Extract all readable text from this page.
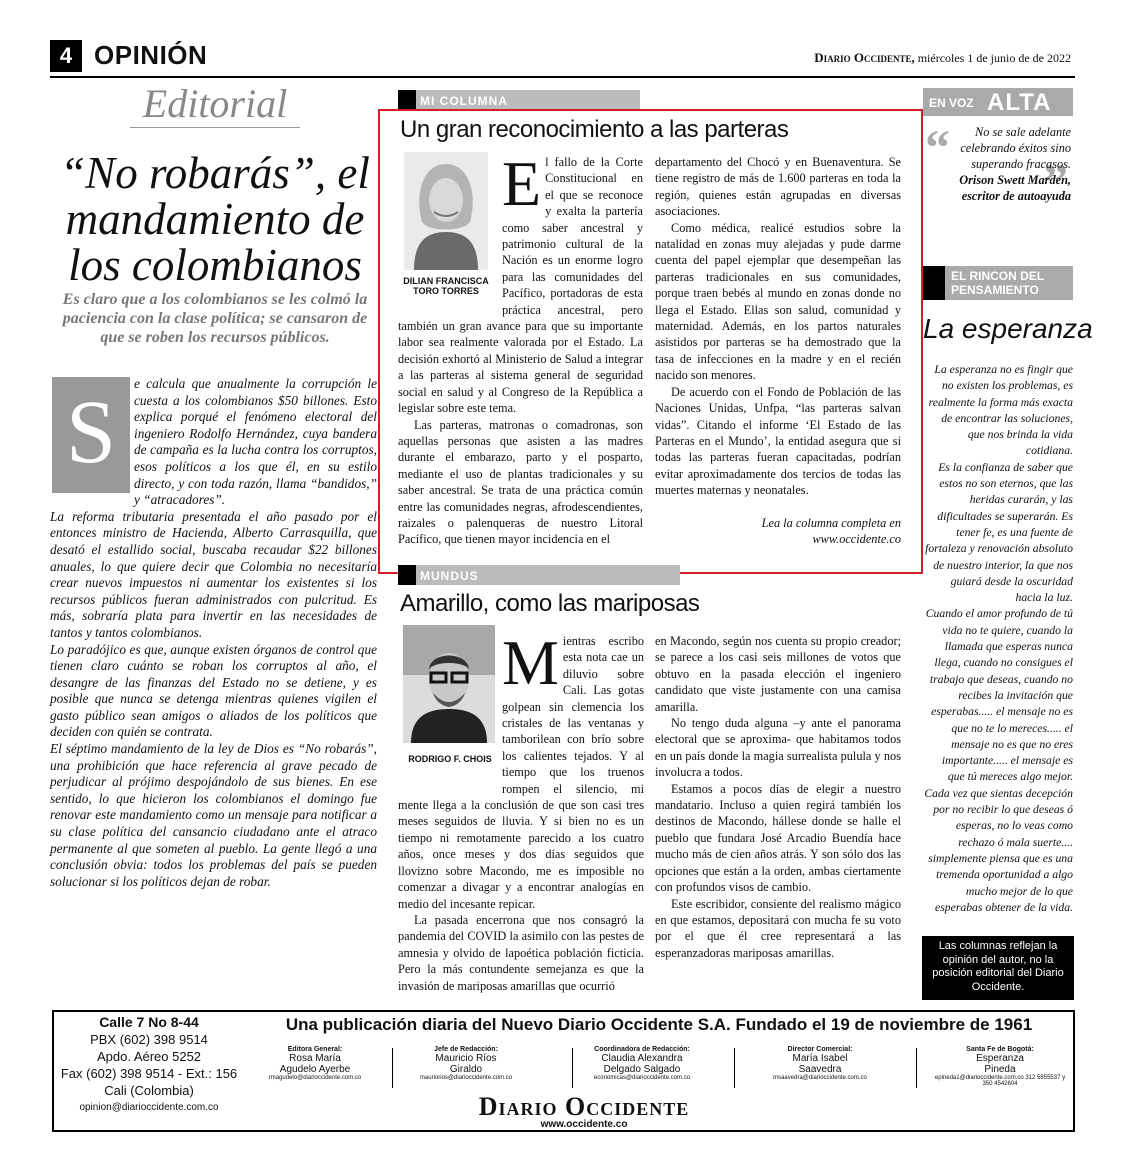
4 OPINIÓN	Diario Occidente, miércoles 1 de junio de de 2022
Editorial
“No robarás”, el mandamiento de los colombianos
Es claro que a los colombianos se les colmó la paciencia con la clase política; se cansaron de que se roben los recursos públicos.
S	e calcula que anualmente la corrupción le cuesta a los colombianos $50 billones. Esto explica porqué el fenómeno electoral del ingeniero Rodolfo Hernández, cuya bandera de campaña es la lucha contra los corruptos, esos políticos a los que él, en su estilo directo, y con toda razón, llama “bandidos,” y “atracadores”.

La reforma tributaria presentada el año pasado por el entonces ministro de Hacienda, Alberto Carrasquilla, que desató el estallido social, buscaba recaudar $22 billones anuales, lo que quiere decir que Colombia no necesitaría crear nuevos impuestos ni aumentar los existentes si los recursos públicos fueran administrados con pulcritud. Es más, sobraría plata para invertir en las necesidades de tantos y tantos colombianos.

Lo paradójico es que, aunque existen órganos de control que tienen claro cuánto se roban los corruptos al año, el desangre de las finanzas del Estado no se detiene, y es posible que nunca se detenga mientras quienes vigilen el gasto público sean amigos o aliados de los políticos que deciden con quién se contrata.

El séptimo mandamiento de la ley de Dios es “No robarás”, una prohibición que hace referencia al grave pecado de perjudicar al prójimo despojándolo de sus bienes. En ese sentido, lo que hicieron los colombianos el domingo fue renovar este mandamiento como un mensaje para notificar a su clase política del cansancio ciudadano ante el atraco permanente al que someten al pueblo. La gente llegó a una conclusión obvia: todos los problemas del país se pueden solucionar si los políticos dejan de robar.

MI COLUMNA
Un gran reconocimiento a las parteras
DILIAN FRANCISCA TORO TORRES
E l fallo de la Corte Constitucional en el que se reconoce y exalta la partería como saber ancestral y patrimonio cultural de la Nación es un enorme logro para las comunidades del Pacífico, portadoras de esta práctica ancestral, pero también un gran avance para que su importante labor sea realmente valorada por el Estado. La decisión exhortó al Ministerio de Salud a integrar a las parteras al sistema general de seguridad social en salud y al Congreso de la República a legislar sobre este tema.

Las parteras, matronas o comadronas, son aquellas personas que asisten a las madres durante el embarazo, parto y el posparto, mediante el uso de plantas tradicionales y su saber ancestral. Se trata de una práctica común entre las comunidades negras, afrodescendientes, raizales o palenqueras de nuestro Litoral Pacífico, que tienen mayor incidencia en el

departamento del Chocó y en Buenaventura. Se tiene registro de más de 1.600 parteras en toda la región, quienes están agrupadas en diversas asociaciones.

Como médica, realicé estudios sobre la natalidad en zonas muy alejadas y pude darme cuenta del papel ejemplar que desempeñan las parteras tradicionales en sus comunidades, porque traen bebés al mundo en zonas donde no llega el Estado. Ellas son salud, comunidad y maternidad. Además, en los partos naturales asistidos por parteras se ha demostrado que la tasa de infecciones en la madre y en el recién nacido son menores.

De acuerdo con el Fondo de Población de las Naciones Unidas, Unfpa, “las parteras salvan vidas”. Citando el informe ‘El Estado de las Parteras en el Mundo’, la entidad asegura que si todas las parteras fueran capacitadas, podrían evitar aproximadamente dos tercios de todas las muertes maternas y neonatales.

Lea la columna completa en www.occidente.co

MUNDUS
Amarillo, como las mariposas
RODRIGO F. CHOIS
M ientras escribo esta nota cae un diluvio sobre Cali. Las gotas golpean sin clemencia los cristales de las ventanas y tamborilean con brío sobre los calientes tejados. Y al tiempo que los truenos rompen el silencio, mi mente llega a la conclusión de que son casi tres meses seguidos de lluvia. Y si bien no es un tiempo ni remotamente parecido a los cuatro años, once meses y dos días seguidos que llovizno sobre Macondo, me es imposible no comenzar a divagar y a encontrar analogías en medio del incesante repicar.

La pasada encerrona que nos consagró la pandemia del COVID la asimilo con las pestes de amnesia y olvido de lapoética población ficticia. Pero la más contundente semejanza es que la invasión de mariposas amarillas que ocurrió

en Macondo, según nos cuenta su propio creador; se parece a los casi seis millones de votos que obtuvo en la pasada elección el ingeniero candidato que viste justamente con una camisa amarilla.

No tengo duda alguna –y ante el panorama electoral que se aproxima- que habitamos todos en un país donde la magia surrealista pulula y nos involucra a todos.

Estamos a pocos días de elegir a nuestro mandatario. Incluso a quien regirá también los destinos de Macondo, hállese donde se halle el pueblo que fundara José Arcadio Buendía hace mucho más de cien años atrás. Y son sólo dos las opciones que están a la orden, ambas ciertamente con profundos visos de cambio.

Este escribidor, consiente del realismo mágico en que estamos, depositará con mucha fe su voto por el que él cree representará a las esperanzadoras mariposas amarillas.

EN VOZ ALTA
“
”

No se sale adelante celebrando éxitos sino superando fracasos.

Orison Swett Marden, escritor de autoayuda

EL RINCON DEL PENSAMIENTO
La esperanza

La esperanza no es fingir que no existen los problemas, es realmente la forma más exacta de encontrar las soluciones, que nos brinda la vida cotidiana.

Es la confianza de saber que estos no son eternos, que las heridas curarán, y las dificultades se superarán. Es tener fe, es una fuente de fortaleza y renovación absoluto de nuestro interior, la que nos guiará desde la oscuridad hacia la luz.

Cuando el amor profundo de tú vida no te quiere, cuando la llamada que esperas nunca llega, cuando no consigues el trabajo que deseas, cuando no recibes la invitación que esperabas..... el mensaje no es que no te lo mereces..... el mensaje no es que no eres importante..... el mensaje es que tú mereces algo mejor. Cada vez que sientas decepción por no recibir lo que deseas ó esperas, no lo veas como rechazo ó mala suerte.... simplemente piensa que es una tremenda oportunidad a algo mucho mejor de lo que esperabas obtener de la vida.

Las columnas reflejan la opinión del autor, no la posición editorial del Diario Occidente.
Calle 7 No 8-44
PBX (602) 398 9514
Apdo. Aéreo 5252
Fax (602) 398 9514 - Ext.: 156
Cali (Colombia)
opinion@diarioccidente.com.co
Una publicación diaria del Nuevo Diario Occidente S.A. Fundado el 19 de noviembre de 1961
Editora General:
Rosa María Agudelo Ayerbe
rmagudelo@diarioccidente.com.co
Jefe de Redacción:
Mauricio Ríos Giraldo
mauriorios@diarioccidente.com.co
Coordinadora de Redacción:
Claudia Alexandra Delgado Salgado
economicas@diarioccidente.com.co
Director Comercial:
María Isabel Saavedra
msaavedra@diarioccidente.com.co
Santa Fe de Bogotá:
Esperanza Pineda
epineda1@diarioccidente.com.co 312 5855537 y 350 4542604
Diario Occidente
www.occidente.co
